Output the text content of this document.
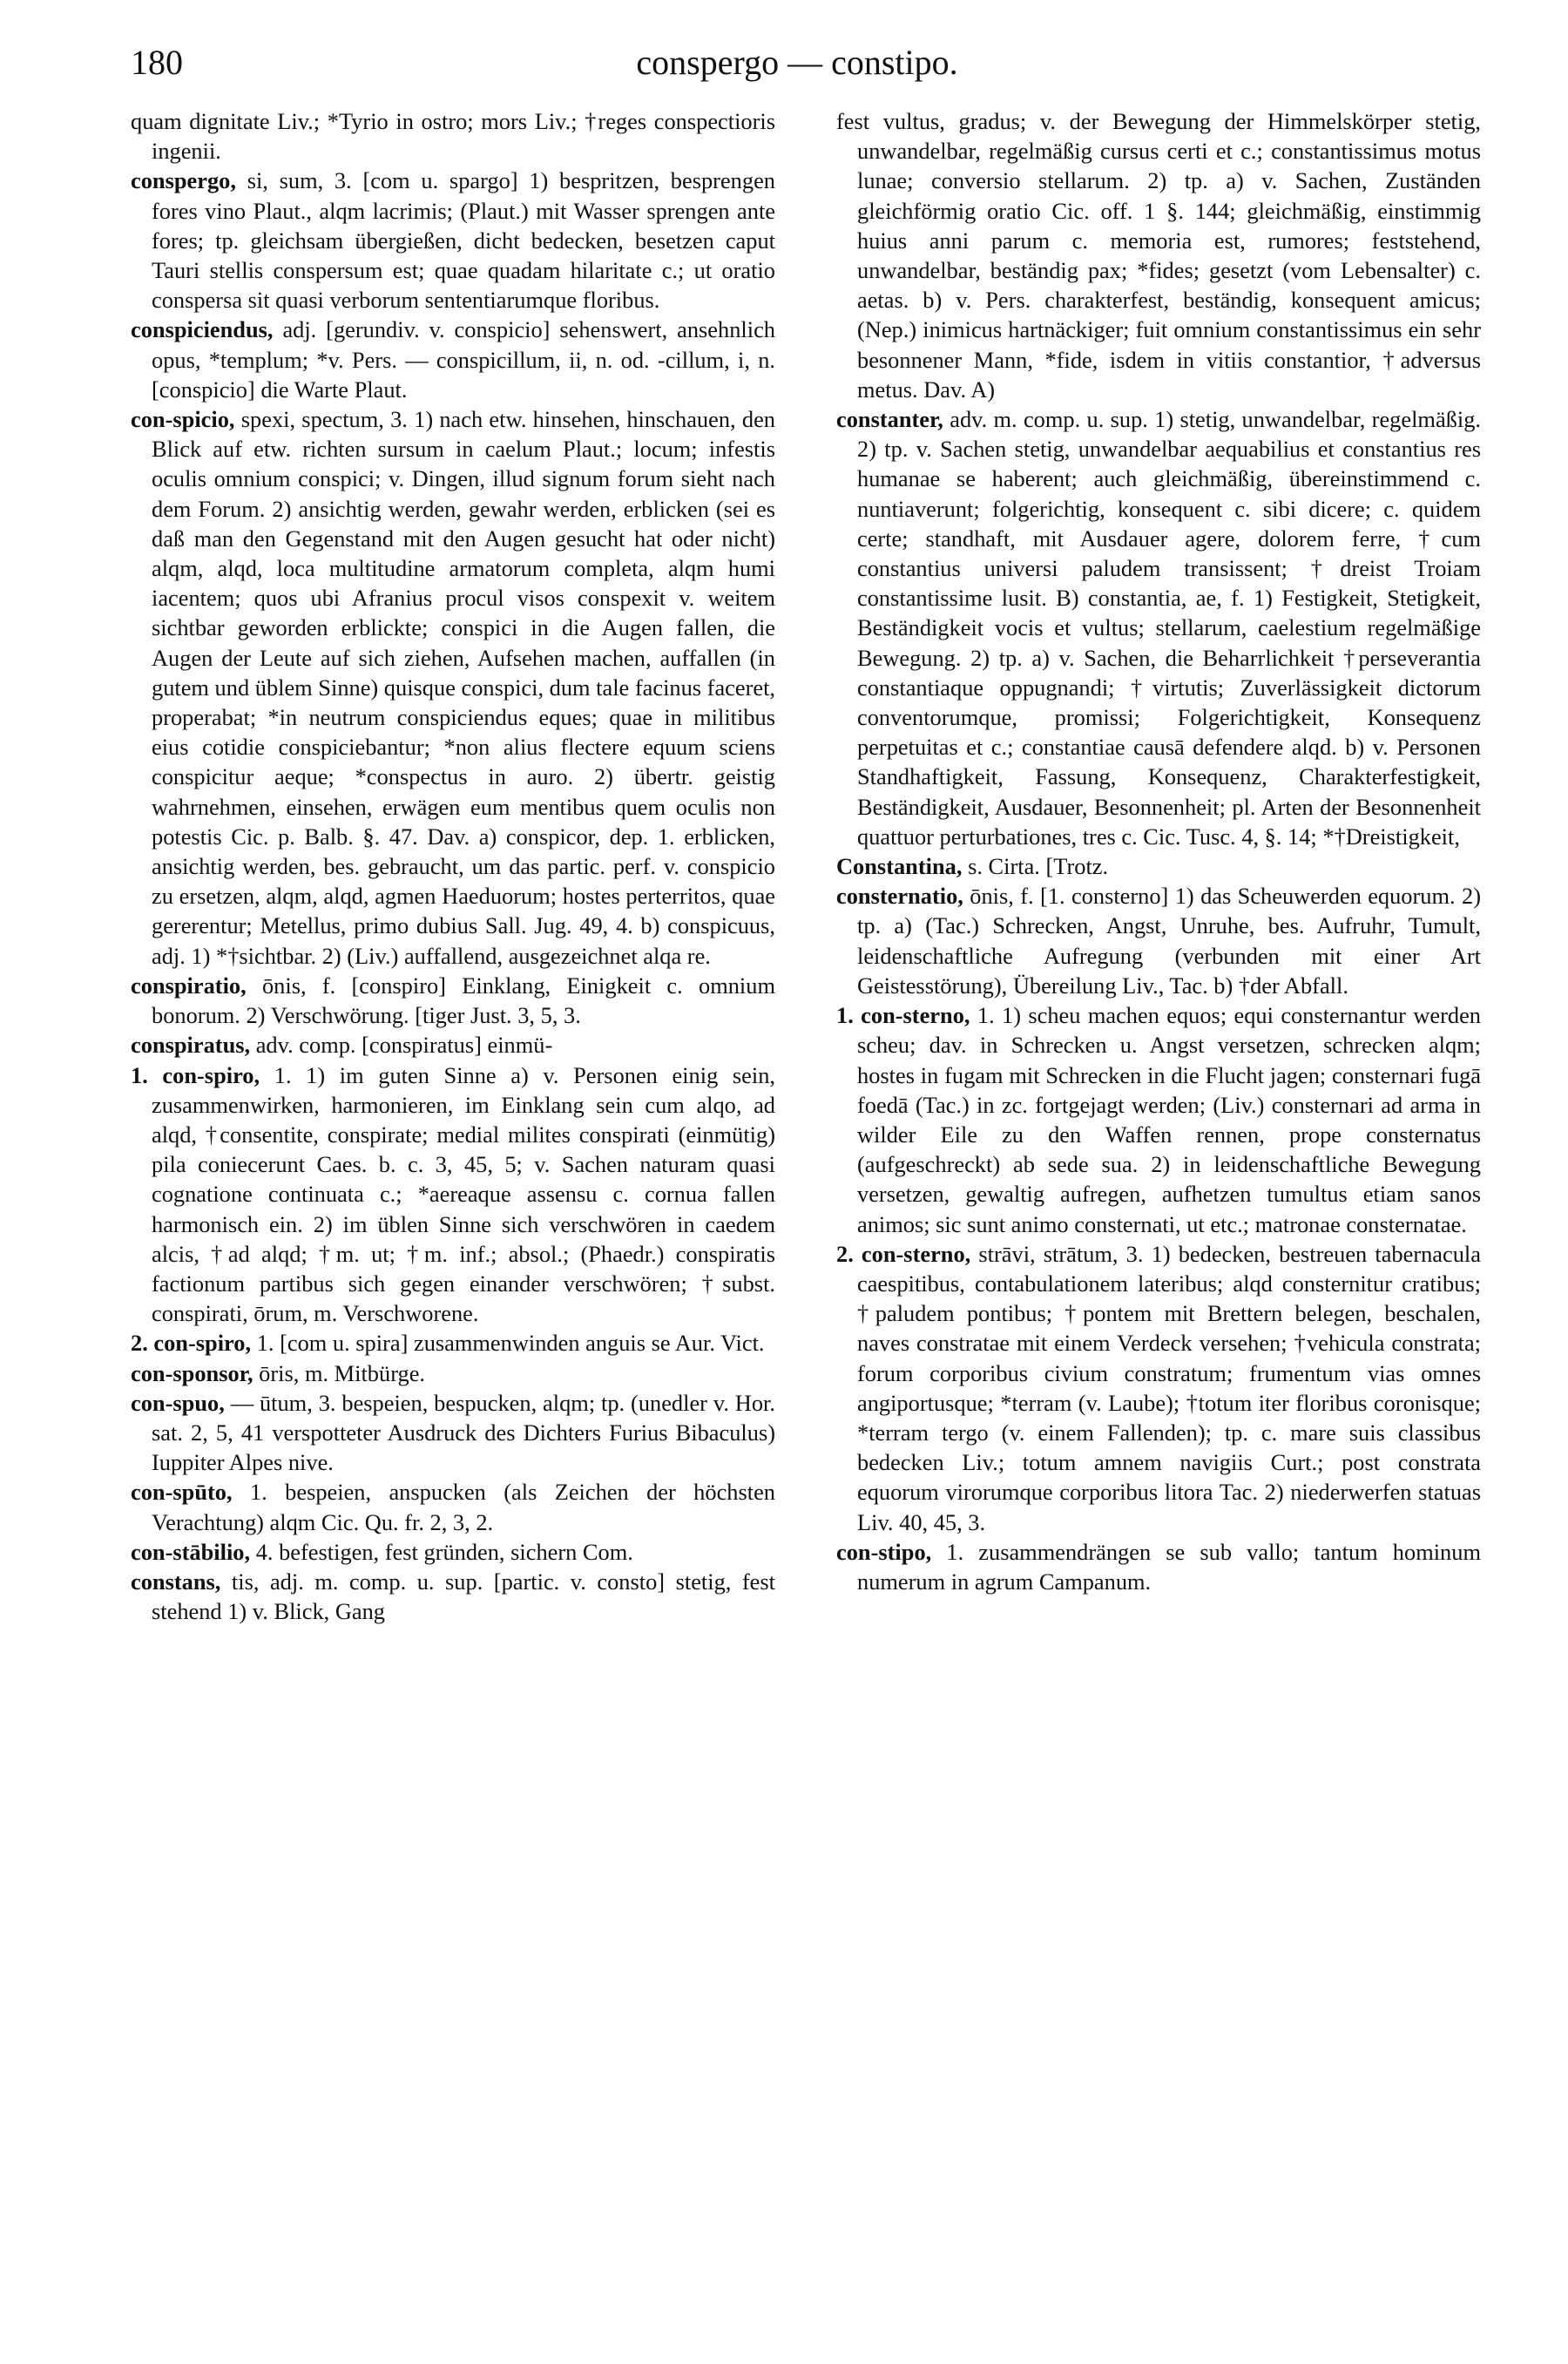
180	conspergo — constipo.

quam dignitate Liv.; *Tyrio in ostro; mors Liv.; †reges conspectioris ingenii.

conspergo, si, sum, 3. [com u. spargo] 1) bespritzen, besprengen fores vino Plaut., alqm lacrimis; (Plaut.) mit Wasser sprengen ante fores; tp. gleichsam übergießen, dicht bedecken, besetzen caput Tauri stellis conspersum est; quae quadam hilaritate c.; ut oratio conspersa sit quasi verborum sententiarumque floribus.

conspiciendus, adj. [gerundiv. v. conspicio] sehenswert, ansehnlich opus, *templum; *v. Pers. — conspicillum, ii, n. od. -cillum, i, n. [conspicio] die Warte Plaut.

con-spicio, spexi, spectum, 3. 1) nach etw. hinsehen, hinschauen, den Blick auf etw. richten sursum in caelum Plaut.; locum; infestis oculis omnium conspici; v. Dingen, illud signum forum sieht nach dem Forum. 2) ansichtig werden, gewahr werden, erblicken (sei es daß man den Gegenstand mit den Augen gesucht hat oder nicht) alqm, alqd, loca multitudine armatorum completa, alqm humi iacentem; quos ubi Afranius procul visos conspexit v. weitem sichtbar geworden erblickte; conspici in die Augen fallen, die Augen der Leute auf sich ziehen, Aufsehen machen, auffallen (in gutem und üblem Sinne) quisque conspici, dum tale facinus faceret, properabat; *in neutrum conspiciendus eques; quae in militibus eius cotidie conspiciebantur; *non alius flectere equum sciens conspicitur aeque; *conspectus in auro. 2) übertr. geistig wahrnehmen, einsehen, erwägen eum mentibus quem oculis non potestis Cic. p. Balb. §. 47. Dav. a) conspicor, dep. 1. erblicken, ansichtig werden, bes. gebraucht, um das partic. perf. v. conspicio zu ersetzen, alqm, alqd, agmen Haeduorum; hostes perterritos, quae gererentur; Metellus, primo dubius Sall. Jug. 49, 4. b) conspicuus, adj. 1) *†sichtbar. 2) (Liv.) auffallend, ausgezeichnet alqa re.

conspiratio, ōnis, f. [conspiro] Einklang, Einigkeit c. omnium bonorum. 2) Verschwörung. [tiger Just. 3, 5, 3.

conspiratus, adv. comp. [conspiratus] einmü-

1. con-spiro, 1. 1) im guten Sinne a) v. Personen einig sein, zusammenwirken, harmonieren, im Einklang sein cum alqo, ad alqd, †consentite, conspirate; medial milites conspirati (einmütig) pila coniecerunt Caes. b. c. 3, 45, 5; v. Sachen naturam quasi cognatione continuata c.; *aereaque assensu c. cornua fallen harmonisch ein. 2) im üblen Sinne sich verschwören in caedem alcis, †ad alqd; †m. ut; †m. inf.; absol.; (Phaedr.) conspiratis factionum partibus sich gegen einander verschwören; †subst. conspirati, ōrum, m. Verschworene.

2. con-spiro, 1. [com u. spira] zusammenwinden anguis se Aur. Vict.

con-sponsor, ōris, m. Mitbürge.

con-spuo, — ūtum, 3. bespeien, bespucken, alqm; tp. (unedler v. Hor. sat. 2, 5, 41 verspotteter Ausdruck des Dichters Furius Bibaculus) Iuppiter Alpes nive.

con-spūto, 1. bespeien, anspucken (als Zeichen der höchsten Verachtung) alqm Cic. Qu. fr. 2, 3, 2.

con-stābilio, 4. befestigen, fest gründen, sichern Com.

constans, tis, adj. m. comp. u. sup. [partic. v. consto] stetig, fest stehend 1) v. Blick, Gang

fest vultus, gradus; v. der Bewegung der Himmelskörper stetig, unwandelbar, regelmäßig cursus certi et c.; constantissimus motus lunae; conversio stellarum. 2) tp. a) v. Sachen, Zuständen gleichförmig oratio Cic. off. 1 §. 144; gleichmäßig, einstimmig huius anni parum c. memoria est, rumores; feststehend, unwandelbar, beständig pax; *fides; gesetzt (vom Lebensalter) c. aetas. b) v. Pers. charakterfest, beständig, konsequent amicus; (Nep.) inimicus hartnäckiger; fuit omnium constantissimus ein sehr besonnener Mann, *fide, isdem in vitiis constantior, †adversus metus. Dav. A)

constanter, adv. m. comp. u. sup. 1) stetig, unwandelbar, regelmäßig. 2) tp. v. Sachen stetig, unwandelbar aequabilius et constantius res humanae se haberent; auch gleichmäßig, übereinstimmend c. nuntiaverunt; folgerichtig, konsequent c. sibi dicere; c. quidem certe; standhaft, mit Ausdauer agere, dolorem ferre, †cum constantius universi paludem transissent; †dreist Troiam constantissime lusit. B) constantia, ae, f. 1) Festigkeit, Stetigkeit, Beständigkeit vocis et vultus; stellarum, caelestium regelmäßige Bewegung. 2) tp. a) v. Sachen, die Beharrlichkeit †perseverantia constantiaque oppugnandi; †virtutis; Zuverlässigkeit dictorum conventorumque, promissi; Folgerichtigkeit, Konsequenz perpetuitas et c.; constantiae causā defendere alqd. b) v. Personen Standhaftigkeit, Fassung, Konsequenz, Charakterfestigkeit, Beständigkeit, Ausdauer, Besonnenheit; pl. Arten der Besonnenheit quattuor perturbationes, tres c. Cic. Tusc. 4, §. 14; *†Dreistigkeit,

Constantina, s. Cirta. [Trotz.

consternatio, ōnis, f. [1. consterno] 1) das Scheuwerden equorum. 2) tp. a) (Tac.) Schrecken, Angst, Unruhe, bes. Aufruhr, Tumult, leidenschaftliche Aufregung (verbunden mit einer Art Geistesstörung), Übereilung Liv., Tac. b) †der Abfall.

1. con-sterno, 1. 1) scheu machen equos; equi consternantur werden scheu; dav. in Schrecken u. Angst versetzen, schrecken alqm; hostes in fugam mit Schrecken in die Flucht jagen; consternari fugā foedā (Tac.) in zc. fortgejagt werden; (Liv.) consternari ad arma in wilder Eile zu den Waffen rennen, prope consternatus (aufgeschreckt) ab sede sua. 2) in leidenschaftliche Bewegung versetzen, gewaltig aufregen, aufhetzen tumultus etiam sanos animos; sic sunt animo consternati, ut etc.; matronae consternatae.

2. con-sterno, strāvi, strātum, 3. 1) bedecken, bestreuen tabernacula caespitibus, contabulationem lateribus; alqd consternitur cratibus; †paludem pontibus; †pontem mit Brettern belegen, beschalen, naves constratae mit einem Verdeck versehen; †vehicula constrata; forum corporibus civium constratum; frumentum vias omnes angiportusque; *terram (v. Laube); †totum iter floribus coronisque; *terram tergo (v. einem Fallenden); tp. c. mare suis classibus bedecken Liv.; totum amnem navigiis Curt.; post constrata equorum virorumque corporibus litora Tac. 2) niederwerfen statuas Liv. 40, 45, 3.

con-stipo, 1. zusammendrängen se sub vallo; tantum hominum numerum in agrum Campanum.
